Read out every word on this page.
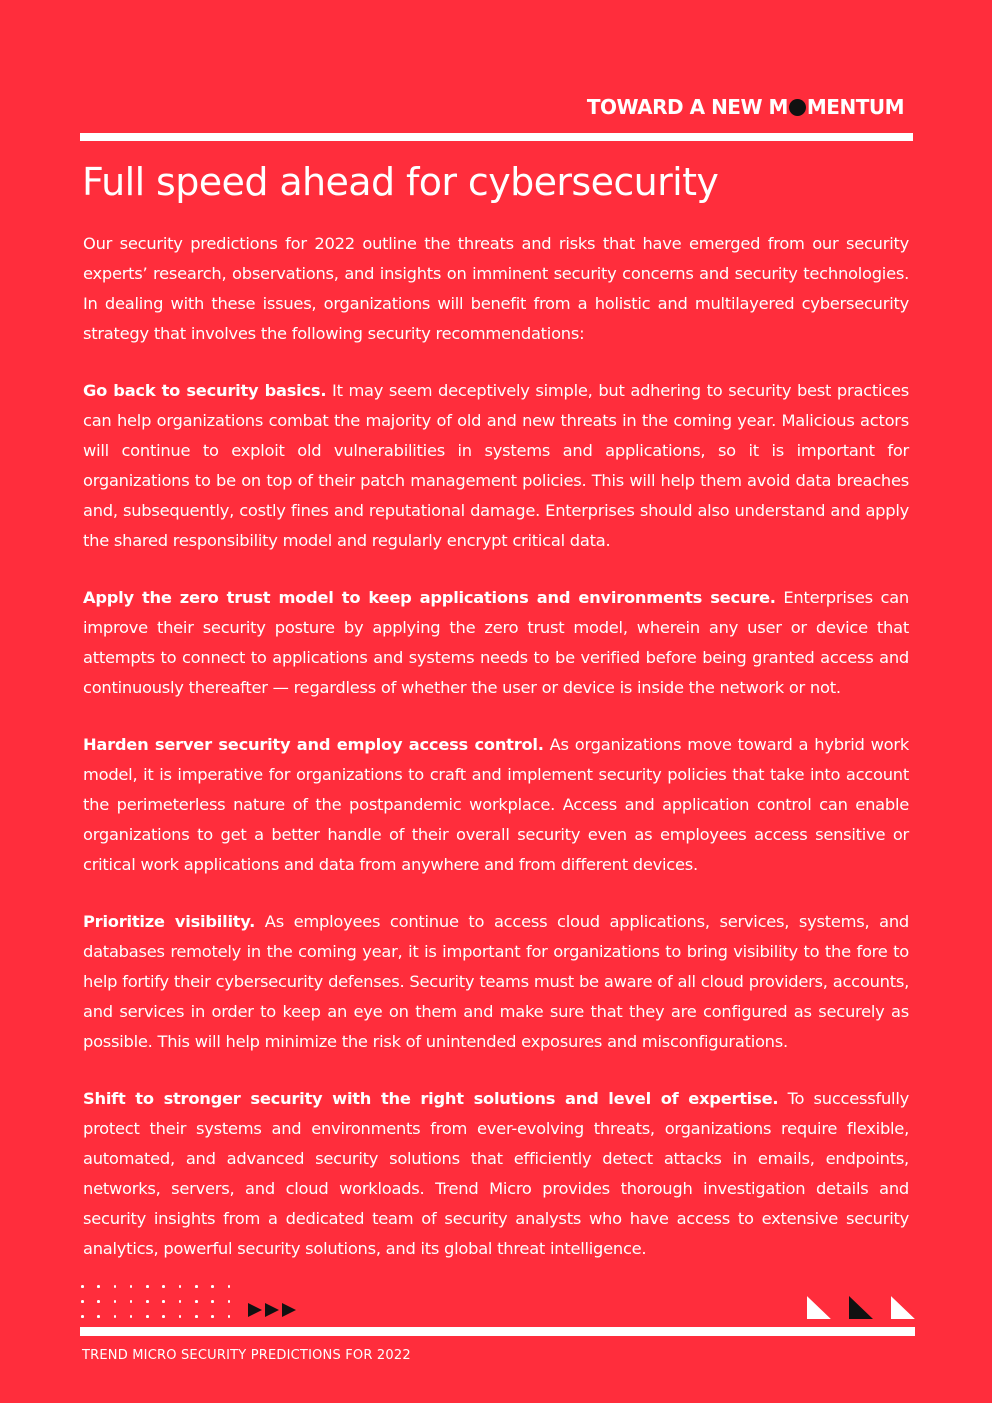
TOWARD A NEW M MENTUM
Full speed ahead for cybersecurity

Our security predictions for 2022 outline the threats and risks that have emerged from our security experts’ research, observations, and insights on imminent security concerns and security technologies. In dealing with these issues, organizations will benefit from a holistic and multilayered cybersecurity strategy that involves the following security recommendations:

Go back to security basics. It may seem deceptively simple, but adhering to security best practices can help organizations combat the majority of old and new threats in the coming year. Malicious actors will continue to exploit old vulnerabilities in systems and applications, so it is important for organizations to be on top of their patch management policies. This will help them avoid data breaches and, subsequently, costly fines and reputational damage. Enterprises should also understand and apply the shared responsibility model and regularly encrypt critical data.

Apply the zero trust model to keep applications and environments secure. Enterprises can improve their security posture by applying the zero trust model, wherein any user or device that attempts to connect to applications and systems needs to be verified before being granted access and continuously thereafter — regardless of whether the user or device is inside the network or not.

Harden server security and employ access control. As organizations move toward a hybrid work model, it is imperative for organizations to craft and implement security policies that take into account the perimeterless nature of the postpandemic workplace. Access and application control can enable organizations to get a better handle of their overall security even as employees access sensitive or critical work applications and data from anywhere and from different devices.

Prioritize visibility. As employees continue to access cloud applications, services, systems, and databases remotely in the coming year, it is important for organizations to bring visibility to the fore to help fortify their cybersecurity defenses. Security teams must be aware of all cloud providers, accounts, and services in order to keep an eye on them and make sure that they are configured as securely as possible. This will help minimize the risk of unintended exposures and misconfigurations.

Shift to stronger security with the right solutions and level of expertise. To successfully protect their systems and environments from ever-evolving threats, organizations require flexible, automated, and advanced security solutions that efficiently detect attacks in emails, endpoints, networks, servers, and cloud workloads. Trend Micro provides thorough investigation details and security insights from a dedicated team of security analysts who have access to extensive security analytics, powerful security solutions, and its global threat intelligence.

TREND MICRO SECURITY PREDICTIONS FOR 2022
